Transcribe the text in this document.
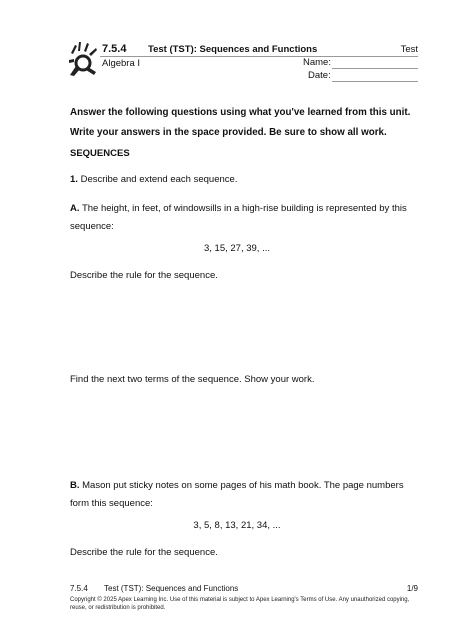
7.5.4 Test (TST): Sequences and Functions	Test
Algebra I	Name:
Date:
Answer the following questions using what you've learned from this unit. Write your answers in the space provided. Be sure to show all work.
SEQUENCES
1. Describe and extend each sequence.
A. The height, in feet, of windowsills in a high-rise building is represented by this sequence:
3, 15, 27, 39, ...
Describe the rule for the sequence.
Find the next two terms of the sequence. Show your work.
B. Mason put sticky notes on some pages of his math book. The page numbers form this sequence:
3, 5, 8, 13, 21, 34, ...
Describe the rule for the sequence.
7.5.4 Test (TST): Sequences and Functions	1/9
Copyright © 2025 Apex Learning Inc. Use of this material is subject to Apex Learning's Terms of Use. Any unauthorized copying, reuse, or redistribution is prohibited.
